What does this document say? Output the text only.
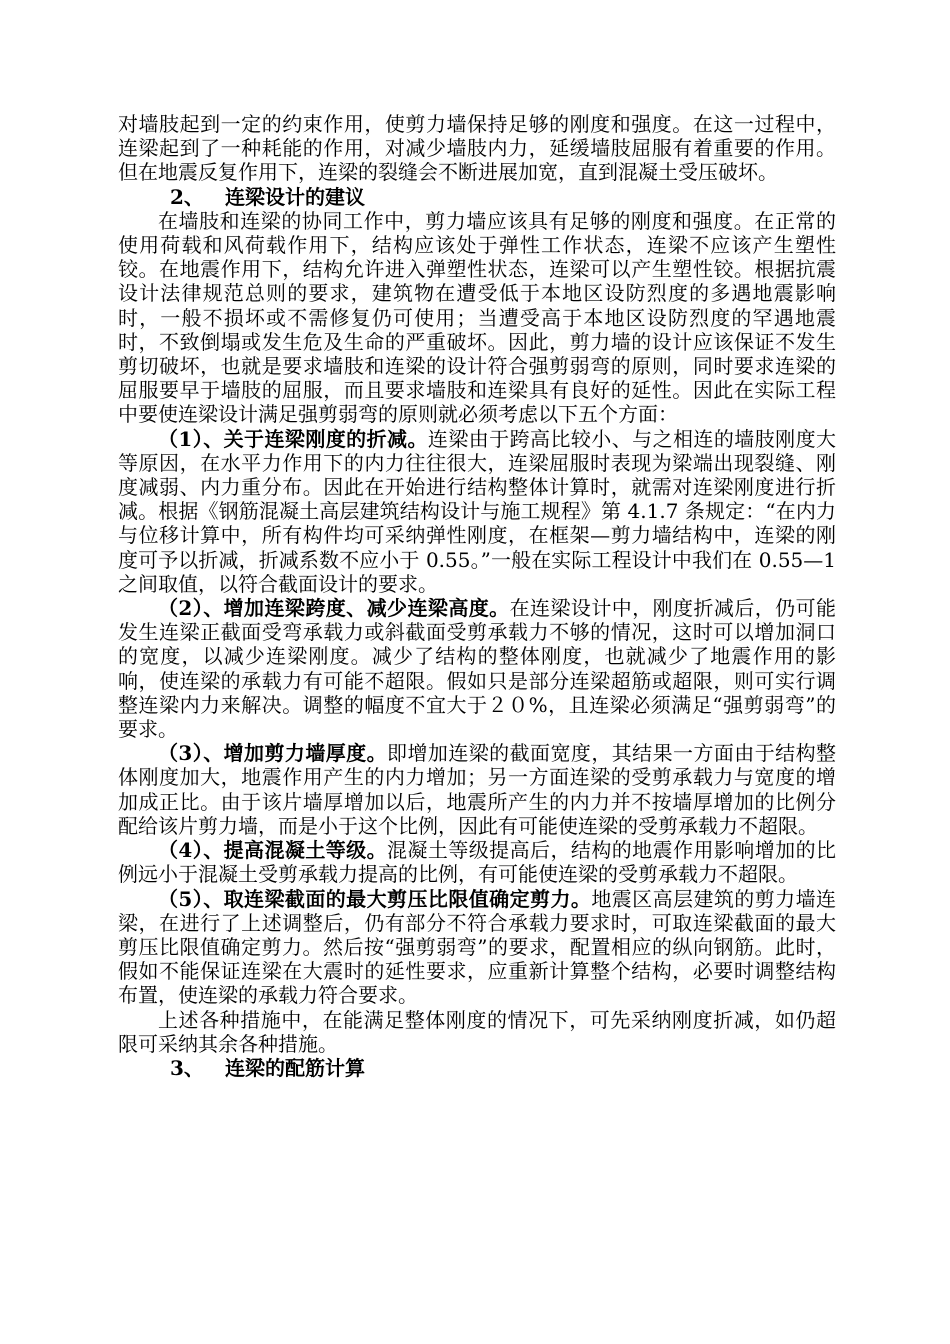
对墙肢起到一定的约束作用，使剪力墙保持足够的刚度和强度。在这一过程中，连梁起到了一种耗能的作用，对减少墙肢内力，延缓墙肢屈服有着重要的作用。但在地震反复作用下，连梁的裂缝会不断进展加宽，直到混凝土受压破坏。

2、 连梁设计的建议

在墙肢和连梁的协同工作中，剪力墙应该具有足够的刚度和强度。在正常的使用荷载和风荷载作用下，结构应该处于弹性工作状态，连梁不应该产生塑性铰。在地震作用下，结构允许进入弹塑性状态，连梁可以产生塑性铰。根据抗震设计法律规范总则的要求，建筑物在遭受低于本地区设防烈度的多遇地震影响时，一般不损坏或不需修复仍可使用；当遭受高于本地区设防烈度的罕遇地震时，不致倒塌或发生危及生命的严重破坏。因此，剪力墙的设计应该保证不发生剪切破坏，也就是要求墙肢和连梁的设计符合强剪弱弯的原则，同时要求连梁的屈服要早于墙肢的屈服，而且要求墙肢和连梁具有良好的延性。因此在实际工程中要使连梁设计满足强剪弱弯的原则就必须考虑以下五个方面：

（1）、关于连梁刚度的折减。连梁由于跨高比较小、与之相连的墙肢刚度大等原因，在水平力作用下的内力往往很大，连梁屈服时表现为梁端出现裂缝、刚度减弱、内力重分布。因此在开始进行结构整体计算时，就需对连梁刚度进行折减。根据《钢筋混凝土高层建筑结构设计与施工规程》第 4.1.7 条规定：“在内力与位移计算中，所有构件均可采纳弹性刚度，在框架—剪力墙结构中，连梁的刚度可予以折减，折减系数不应小于 0.55。”一般在实际工程设计中我们在 0.55—1 之间取值，以符合截面设计的要求。

（2）、增加连梁跨度、减少连梁高度。在连梁设计中，刚度折减后，仍可能发生连梁正截面受弯承载力或斜截面受剪承载力不够的情况，这时可以增加洞口的宽度，以减少连梁刚度。减少了结构的整体刚度，也就减少了地震作用的影响，使连梁的承载力有可能不超限。假如只是部分连梁超筋或超限，则可实行调整连梁内力来解决。调整的幅度不宜大于２０%，且连梁必须满足“强剪弱弯”的要求。

（3）、增加剪力墙厚度。即增加连梁的截面宽度，其结果一方面由于结构整体刚度加大，地震作用产生的内力增加；另一方面连梁的受剪承载力与宽度的增加成正比。由于该片墙厚增加以后，地震所产生的内力并不按墙厚增加的比例分配给该片剪力墙，而是小于这个比例，因此有可能使连梁的受剪承载力不超限。

（4）、提高混凝土等级。混凝土等级提高后，结构的地震作用影响增加的比例远小于混凝土受剪承载力提高的比例，有可能使连梁的受剪承载力不超限。

（5）、取连梁截面的最大剪压比限值确定剪力。地震区高层建筑的剪力墙连梁，在进行了上述调整后，仍有部分不符合承载力要求时，可取连梁截面的最大剪压比限值确定剪力。然后按“强剪弱弯”的要求，配置相应的纵向钢筋。此时，假如不能保证连梁在大震时的延性要求，应重新计算整个结构，必要时调整结构布置，使连梁的承载力符合要求。

上述各种措施中，在能满足整体刚度的情况下，可先采纳刚度折减，如仍超限可采纳其余各种措施。

3、 连梁的配筋计算
